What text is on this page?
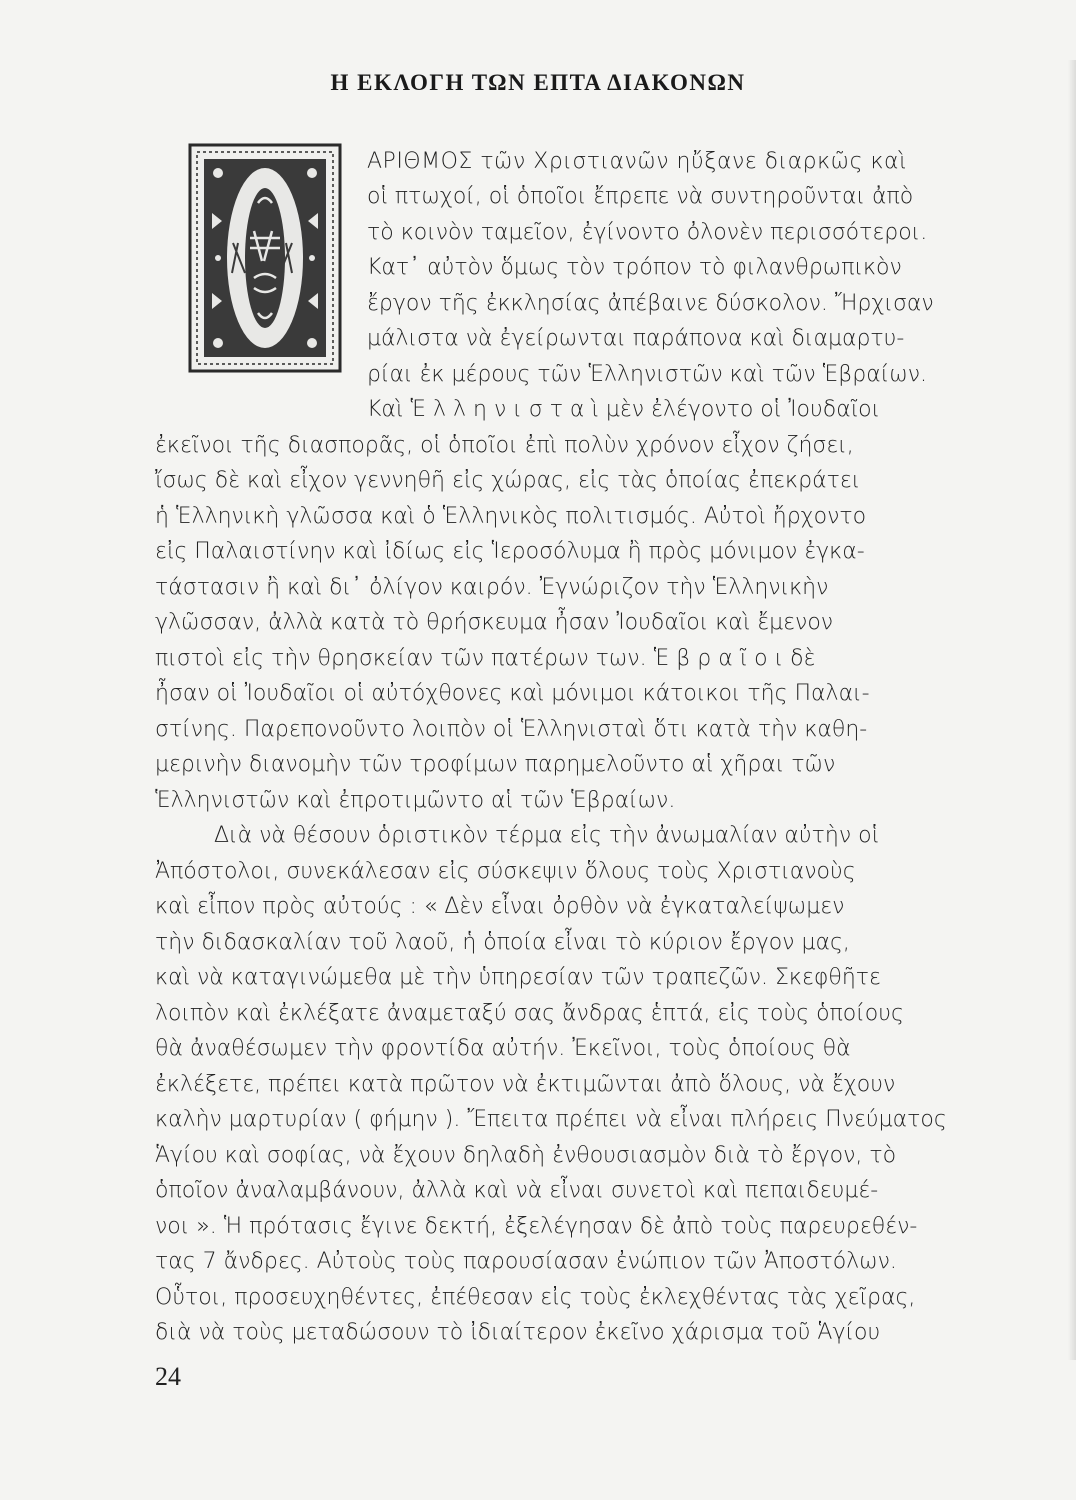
Η ΕΚΛΟΓΗ ΤΩΝ ΕΠΤΑ ΔΙΑΚΟΝΩΝ

ΑΡΙΘΜΟΣ τῶν Χριστιανῶν ηὔξανε διαρκῶς καὶ

οἱ πτωχοί, οἱ ὁποῖοι ἔπρεπε νὰ συντηροῦνται ἀπὸ

τὸ κοινὸν ταμεῖον, ἐγίνοντο ὀλονὲν περισσότεροι.

Κατ᾽ αὐτὸν ὅμως τὸν τρόπον τὸ φιλανθρωπικὸν

ἔργον τῆς ἐκκλησίας ἀπέβαινε δύσκολον. Ἤρχισαν

μάλιστα νὰ ἐγείρωνται παράπονα καὶ διαμαρτυ-

ρίαι ἐκ μέρους τῶν Ἑλληνιστῶν καὶ τῶν Ἑβραίων.

Καὶ Ἑ λ λ η ν ι σ τ α ὶ μὲν ἐλέγοντο οἱ Ἰουδαῖοι

ἐκεῖνοι τῆς διασπορᾶς, οἱ ὁποῖοι ἐπὶ πολὺν χρόνον εἶχον ζήσει,

ἴσως δὲ καὶ εἶχον γεννηθῆ εἰς χώρας, εἰς τὰς ὁποίας ἐπεκράτει

ἡ Ἑλληνικὴ γλῶσσα καὶ ὁ Ἑλληνικὸς πολιτισμός. Αὐτοὶ ἤρχοντο

εἰς Παλαιστίνην καὶ ἰδίως εἰς Ἱεροσόλυμα ἢ πρὸς μόνιμον ἐγκα-

τάστασιν ἢ καὶ δι᾽ ὀλίγον καιρόν. Ἐγνώριζον τὴν Ἑλληνικὴν

γλῶσσαν, ἀλλὰ κατὰ τὸ θρήσκευμα ἦσαν Ἰουδαῖοι καὶ ἔμενον

πιστοὶ εἰς τὴν θρησκείαν τῶν πατέρων των. Ἑ β ρ α ῖ ο ι δὲ

ἦσαν οἱ Ἰουδαῖοι οἱ αὐτόχθονες καὶ μόνιμοι κάτοικοι τῆς Παλαι-

στίνης. Παρεπονοῦντο λοιπὸν οἱ Ἑλληνισταὶ ὅτι κατὰ τὴν καθη-

μερινὴν διανομὴν τῶν τροφίμων παρημελοῦντο αἱ χῆραι τῶν

Ἑλληνιστῶν καὶ ἐπροτιμῶντο αἱ τῶν Ἑβραίων.

Διὰ νὰ θέσουν ὁριστικὸν τέρμα εἰς τὴν ἀνωμαλίαν αὐτὴν οἱ

Ἀπόστολοι, συνεκάλεσαν εἰς σύσκεψιν ὅλους τοὺς Χριστιανοὺς

καὶ εἶπον πρὸς αὐτούς : « Δὲν εἶναι ὀρθὸν νὰ ἐγκαταλείψωμεν

τὴν διδασκαλίαν τοῦ λαοῦ, ἡ ὁποία εἶναι τὸ κύριον ἔργον μας,

καὶ νὰ καταγινώμεθα μὲ τὴν ὑπηρεσίαν τῶν τραπεζῶν. Σκεφθῆτε

λοιπὸν καὶ ἐκλέξατε ἀναμεταξύ σας ἄνδρας ἑπτά, εἰς τοὺς ὁποίους

θὰ ἀναθέσωμεν τὴν φροντίδα αὐτήν. Ἐκεῖνοι, τοὺς ὁποίους θὰ

ἐκλέξετε, πρέπει κατὰ πρῶτον νὰ ἐκτιμῶνται ἀπὸ ὅλους, νὰ ἔχουν

καλὴν μαρτυρίαν ( φήμην ). Ἔπειτα πρέπει νὰ εἶναι πλήρεις Πνεύματος

Ἁγίου καὶ σοφίας, νὰ ἔχουν δηλαδὴ ἐνθουσιασμὸν διὰ τὸ ἔργον, τὸ

ὁποῖον ἀναλαμβάνουν, ἀλλὰ καὶ νὰ εἶναι συνετοὶ καὶ πεπαιδευμέ-

νοι ». Ἡ πρότασις ἔγινε δεκτή, ἐξελέγησαν δὲ ἀπὸ τοὺς παρευρεθέν-

τας 7 ἄνδρες. Αὐτοὺς τοὺς παρουσίασαν ἐνώπιον τῶν Ἀποστόλων.

24

Οὗτοι, προσευχηθέντες, ἐπέθεσαν εἰς τοὺς ἐκλεχθέντας τὰς χεῖρας,

διὰ νὰ τοὺς μεταδώσουν τὸ ἰδιαίτερον ἐκεῖνο χάρισμα τοῦ Ἁγίου
